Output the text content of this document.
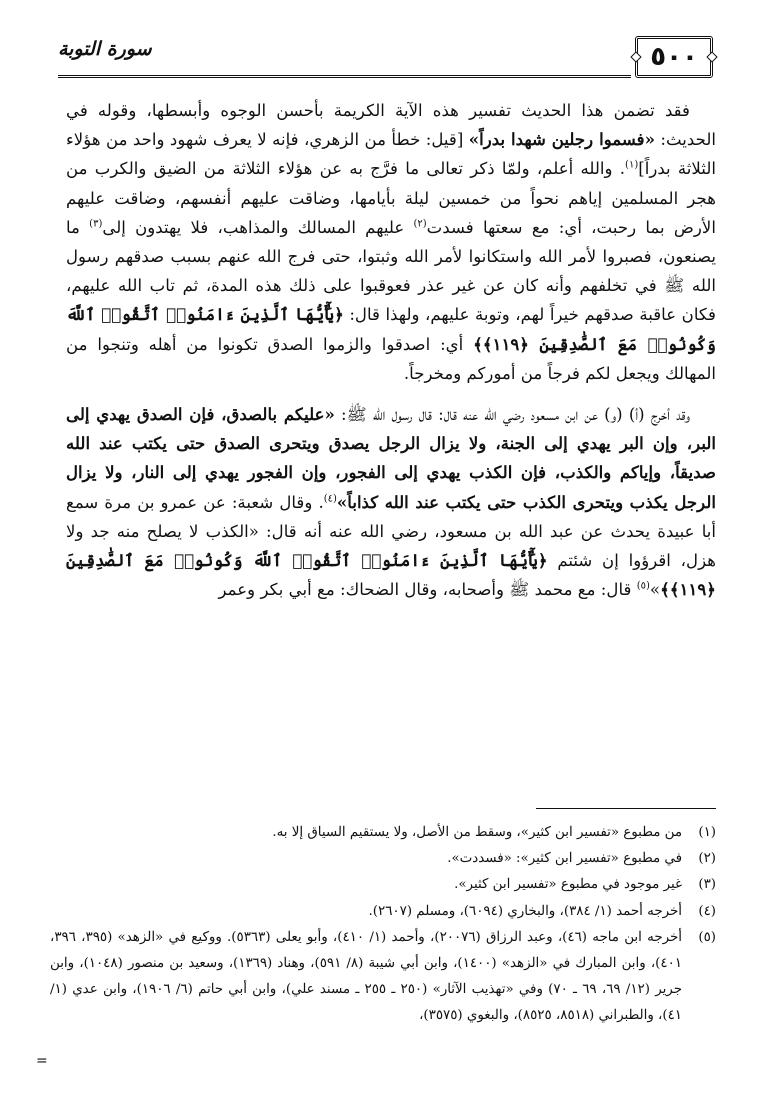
٥٠٠
سورة التوبة

فقد تضمن هذا الحديث تفسير هذه الآية الكريمة بأحسن الوجوه وأبسطها، وقوله في الحديث: «فسموا رجلين شهدا بدراً» [قيل: خطأ من الزهري، فإنه لا يعرف شهود واحد من هؤلاء الثلاثة بدراً]$^{(١)}$. والله أعلم، ولمّا ذكر تعالى ما فرَّج به عن هؤلاء الثلاثة من الضيق والكرب من هجر المسلمين إياهم نحواً من خمسين ليلة بأيامها، وضاقت عليهم أنفسهم، وضاقت عليهم الأرض بما رحبت، أي: مع سعتها فسدت$^{(٢)}$ عليهم المسالك والمذاهب، فلا يهتدون إلى$^{(٣)}$ ما يصنعون، فصبروا لأمر الله واستكانوا لأمر الله وثبتوا، حتى فرج الله عنهم بسبب صدقهم رسول الله ﷺ في تخلفهم وأنه كان عن غير عذر فعوقبوا على ذلك هذه المدة، ثم تاب الله عليهم، فكان عاقبة صدقهم خيراً لهم، وتوبة عليهم، ولهذا قال: ﴿يَٰٓأَيُّهَا ٱلَّذِينَ ءَامَنُوا۟ ٱتَّقُوا۟ ٱللَّهَ وَكُونُوا۟ مَعَ ٱلصَّٰدِقِينَ ﴿١١٩﴾﴾ أي: اصدقوا والزموا الصدق تكونوا من أهله وتنجوا من المهالك ويجعل لكم فرجاً من أموركم ومخرجاً.

وقد أخرج (أ) (و) عن ابن مسعود رضي الله عنه قال: قال رسول الله ﷺ: «عليكم بالصدق، فإن الصدق يهدي إلى البر، وإن البر يهدي إلى الجنة، ولا يزال الرجل يصدق ويتحرى الصدق حتى يكتب عند الله صديقاً، وإياكم والكذب، فإن الكذب يهدي إلى الفجور، وإن الفجور يهدي إلى النار، ولا يزال الرجل يكذب ويتحرى الكذب حتى يكتب عند الله كذاباً»$^{(٤)}$. وقال شعبة: عن عمرو بن مرة سمع أبا عبيدة يحدث عن عبد الله بن مسعود، رضي الله عنه أنه قال: «الكذب لا يصلح منه جد ولا هزل، اقرؤوا إن شئتم ﴿يَٰٓأَيُّهَا ٱلَّذِينَ ءَامَنُوا۟ ٱتَّقُوا۟ ٱللَّهَ وَكُونُوا۟ مَعَ ٱلصَّٰدِقِينَ ﴿١١٩﴾﴾»$^{(٥)}$ قال: مع محمد ﷺ وأصحابه، وقال الضحاك: مع أبي بكر وعمر

(١)
من مطبوع «تفسير ابن كثير»، وسقط من الأصل، ولا يستقيم السياق إلا به.
(٢)
في مطبوع «تفسير ابن كثير»: «فسددت».
(٣)
غير موجود في مطبوع «تفسير ابن كثير».
(٤)
أخرجه أحمد (١/ ٣٨٤)، والبخاري (٦٠٩٤)، ومسلم (٢٦٠٧).
(٥)
أخرجه ابن ماجه (٤٦)، وعبد الرزاق (٢٠٠٧٦)، وأحمد (١/ ٤١٠)، وأبو يعلى (٥٣٦٣). ووكيع في «الزهد» (٣٩٥، ٣٩٦، ٤٠١)، وابن المبارك في «الزهد» (١٤٠٠)، وابن أبي شيبة (٨/ ٥٩١)، وهناد (١٣٦٩)، وسعيد بن منصور (١٠٤٨)، وابن جرير (١٢/ ٦٩، ٦٩ ـ ٧٠) وفي «تهذيب الآثار» (٢٥٠ ـ ٢٥٥ ـ مسند علي)، وابن أبي حاتم (٦/ ١٩٠٦)، وابن عدي (١/ ٤١)، والطبراني (٨٥١٨، ٨٥٢٥)، والبغوي (٣٥٧٥)،
=
